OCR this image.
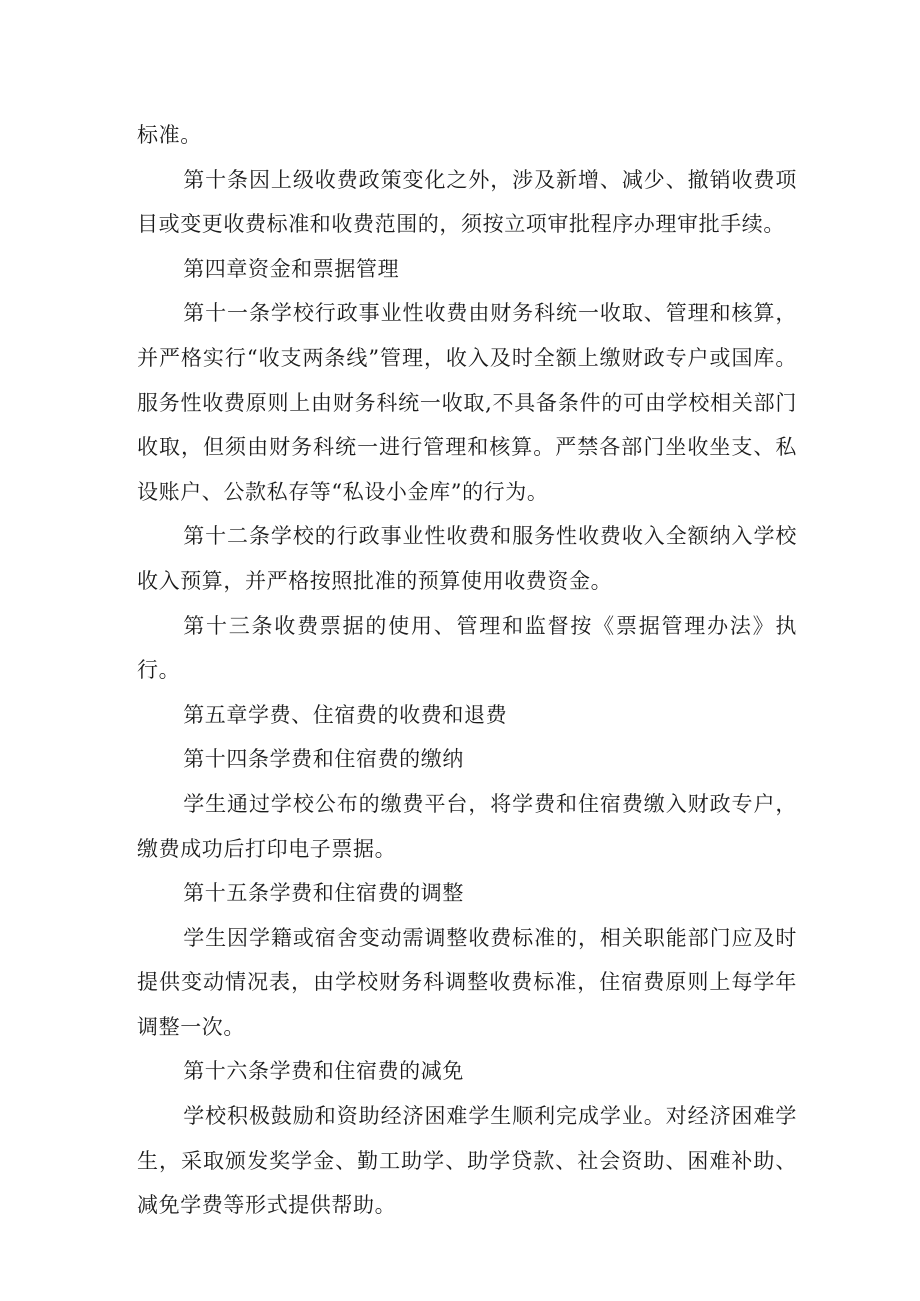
标准。

第十条因上级收费政策变化之外，涉及新增、减少、撤销收费项目或变更收费标准和收费范围的，须按立项审批程序办理审批手续。

第四章资金和票据管理

第十一条学校行政事业性收费由财务科统一收取、管理和核算，并严格实行“收支两条线”管理，收入及时全额上缴财政专户或国库。服务性收费原则上由财务科统一收取,不具备条件的可由学校相关部门收取，但须由财务科统一进行管理和核算。严禁各部门坐收坐支、私设账户、公款私存等“私设小金库”的行为。

第十二条学校的行政事业性收费和服务性收费收入全额纳入学校收入预算，并严格按照批准的预算使用收费资金。

第十三条收费票据的使用、管理和监督按《票据管理办法》执行。

第五章学费、住宿费的收费和退费

第十四条学费和住宿费的缴纳

学生通过学校公布的缴费平台，将学费和住宿费缴入财政专户，缴费成功后打印电子票据。

第十五条学费和住宿费的调整

学生因学籍或宿舍变动需调整收费标准的，相关职能部门应及时提供变动情况表，由学校财务科调整收费标准，住宿费原则上每学年调整一次。

第十六条学费和住宿费的减免

学校积极鼓励和资助经济困难学生顺利完成学业。对经济困难学生，采取颁发奖学金、勤工助学、助学贷款、社会资助、困难补助、减免学费等形式提供帮助。
